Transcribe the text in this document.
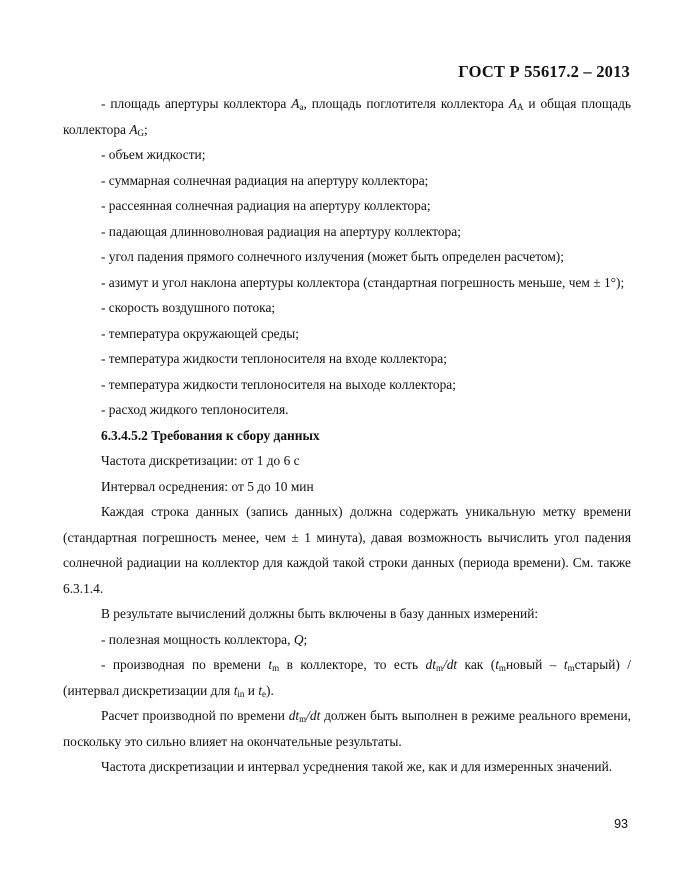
ГОСТ Р 55617.2 – 2013

- площадь апертуры коллектора $A_a$, площадь поглотителя коллектора $A_A$ и общая площадь коллектора $A_G$;

- объем жидкости;

- суммарная солнечная радиация на апертуру коллектора;

- рассеянная солнечная радиация на апертуру коллектора;

- падающая длинноволновая радиация на апертуру коллектора;

- угол падения прямого солнечного излучения (может быть определен расчетом);

- азимут и угол наклона апертуры коллектора (стандартная погрешность меньше, чем ± 1°);

- скорость воздушного потока;

- температура окружающей среды;

- температура жидкости теплоносителя на входе коллектора;

- температура жидкости теплоносителя на выходе коллектора;

- расход жидкого теплоносителя.

6.3.4.5.2 Требования к сбору данных

Частота дискретизации: от 1 до 6 с

Интервал осреднения: от 5 до 10 мин

Каждая строка данных (запись данных) должна содержать уникальную метку времени (стандартная погрешность менее, чем ± 1 минута), давая возможность вычислить угол падения солнечной радиации на коллектор для каждой такой строки данных (периода времени). См. также 6.3.1.4.

В результате вычислений должны быть включены в базу данных измерений:

- полезная мощность коллектора, Q;

- производная по времени $t_m$ в коллекторе, то есть $dt_m/dt$ как ($t_mновый$ – $t_mстарый$) / (интервал дискретизации для $t_{in}$ и $t_e$).

Расчет производной по времени $dt_m/dt$ должен быть выполнен в режиме реального времени, поскольку это сильно влияет на окончательные результаты.

Частота дискретизации и интервал усреднения такой же, как и для измеренных значений.

93
